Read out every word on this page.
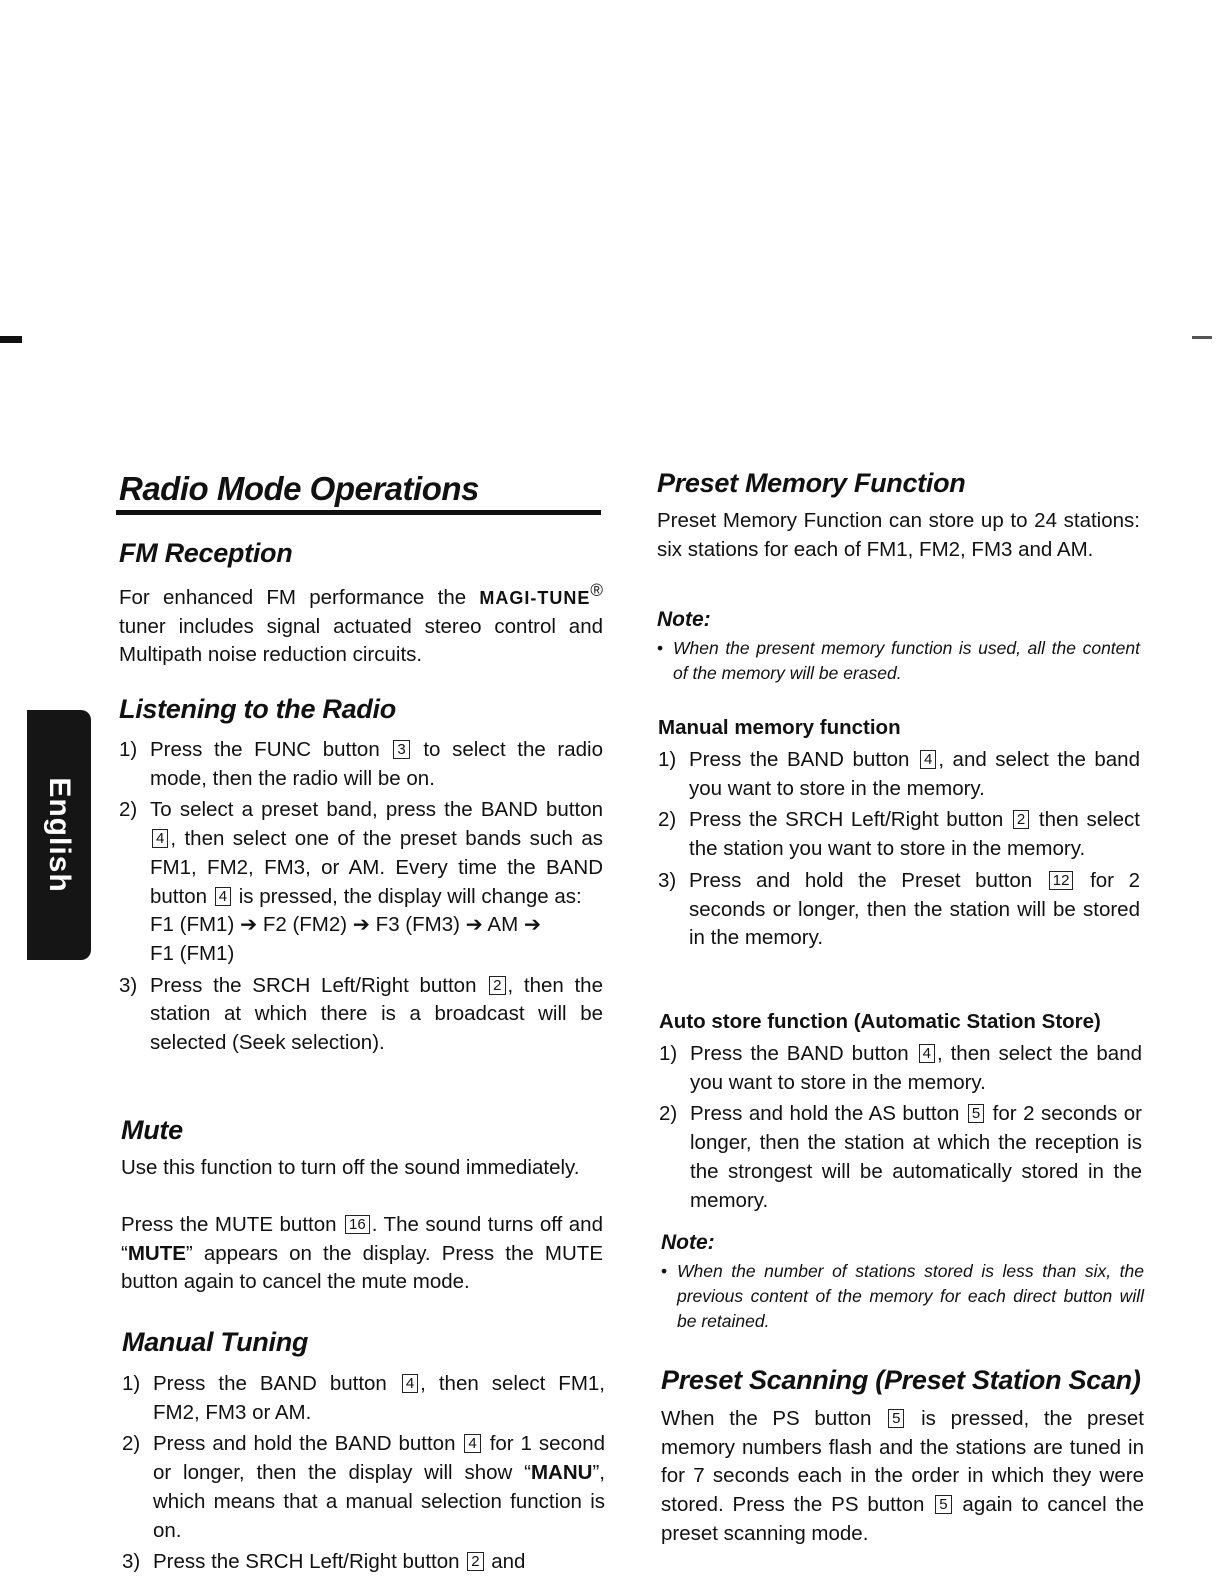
English
Radio Mode Operations
FM Reception

For enhanced FM performance the MAGI-TUNE® tuner includes signal actuated stereo control and Multipath noise reduction circuits.

Listening to the Radio
1) Press the FUNC button 3 to select the radio mode, then the radio will be on.
2) To select a preset band, press the BAND button 4 , then select one of the preset bands such as FM1, FM2, FM3, or AM. Every time the BAND button 4 is pressed, the display will change as:
F1 (FM1) ➔ F2 (FM2) ➔ F3 (FM3) ➔ AM ➔
F1 (FM1)
3) Press the SRCH Left/Right button 2 , then the station at which there is a broadcast will be selected (Seek selection).
Mute

Use this function to turn off the sound immediately.

Press the MUTE button 16 . The sound turns off and “MUTE” appears on the display. Press the MUTE button again to cancel the mute mode.

Manual Tuning
1) Press the BAND button 4 , then select FM1, FM2, FM3 or AM.
2) Press and hold the BAND button 4 for 1 second or longer, then the display will show “MANU”, which means that a manual selection function is on.
3) Press the SRCH Left/Right button 2 and
Preset Memory Function

Preset Memory Function can store up to 24 stations: six stations for each of FM1, FM2, FM3 and AM.

Note:
• When the present memory function is used, all the content of the memory will be erased.
Manual memory function
1) Press the BAND button 4 , and select the band you want to store in the memory.
2) Press the SRCH Left/Right button 2 then select the station you want to store in the memory.
3) Press and hold the Preset button 12 for 2 seconds or longer, then the station will be stored in the memory.
Auto store function (Automatic Station Store)
1) Press the BAND button 4 , then select the band you want to store in the memory.
2) Press and hold the AS button 5 for 2 seconds or longer, then the station at which the reception is the strongest will be automatically stored in the memory.
Note:
• When the number of stations stored is less than six, the previous content of the memory for each direct button will be retained.
Preset Scanning (Preset Station Scan)

When the PS button 5 is pressed, the preset memory numbers flash and the stations are tuned in for 7 seconds each in the order in which they were stored. Press the PS button 5 again to cancel the preset scanning mode.
